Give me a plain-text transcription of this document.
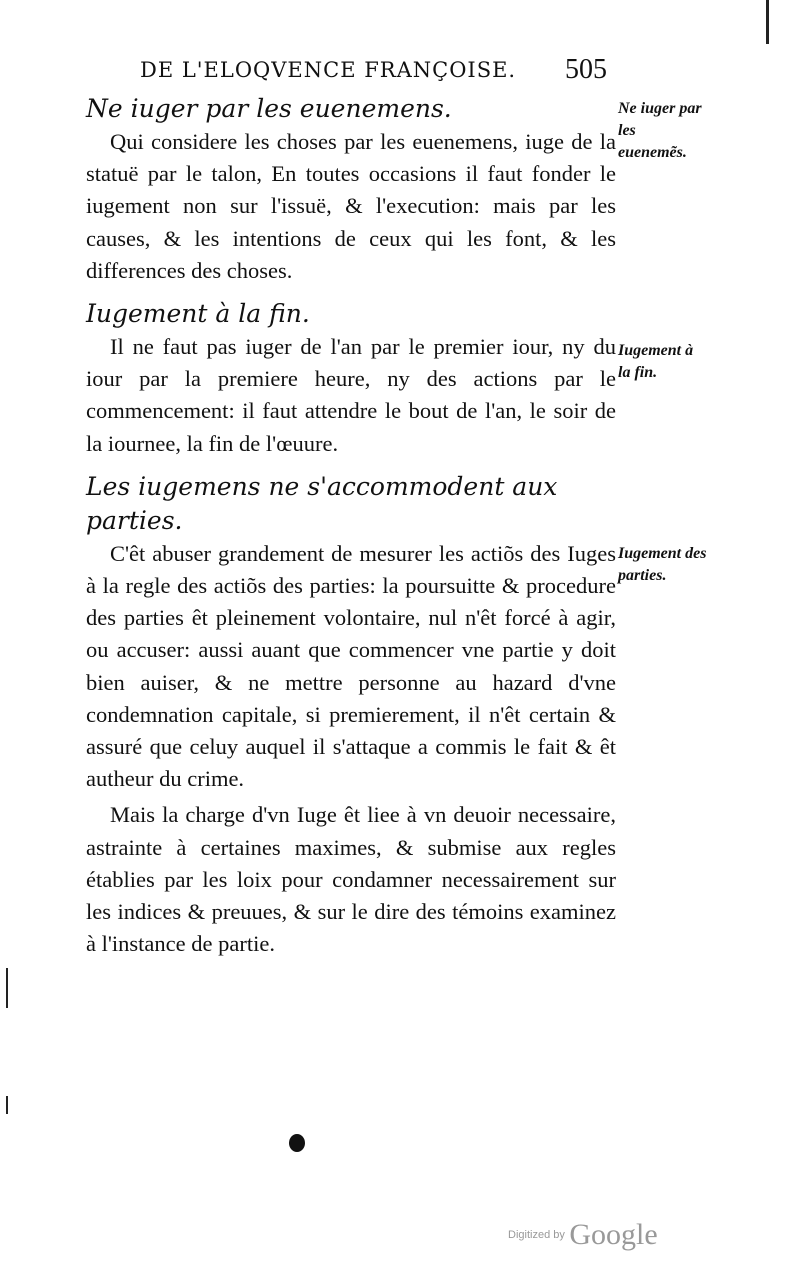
DE L'ELOQVENCE FRANÇOISE.	505

Ne iuger par les euenemens.

Qui considere les choses par les euenemens, iuge de la statuë par le talon, En toutes occasions il faut fonder le iugement non sur l'issuë, & l'execution: mais par les causes, & les intentions de ceux qui les font, & les differences des choses.

Iugement à la fin.

Il ne faut pas iuger de l'an par le premier iour, ny du iour par la premiere heure, ny des actions par le commencement: il faut attendre le bout de l'an, le soir de la iournee, la fin de l'œuure.

Les iugemens ne s'accommodent aux parties.

C'êt abuser grandement de mesurer les actiõs des Iuges à la regle des actiõs des parties: la poursuitte & procedure des parties êt pleinement volontaire, nul n'êt forcé à agir, ou accuser: aussi auant que commencer vne partie y doit bien auiser, & ne mettre personne au hazard d'vne condemnation capitale, si premierement, il n'êt certain & assuré que celuy auquel il s'attaque a commis le fait & êt autheur du crime.

Mais la charge d'vn Iuge êt liee à vn deuoir necessaire, astrainte à certaines maximes, & submise aux regles établies par les loix pour condamner necessairement sur les indices & preuues, & sur le dire des témoins examinez à l'instance de partie.

Ne iuger par les euenemẽs.
Iugement à la fin.
Iugement des parties.
Digitized by Google
